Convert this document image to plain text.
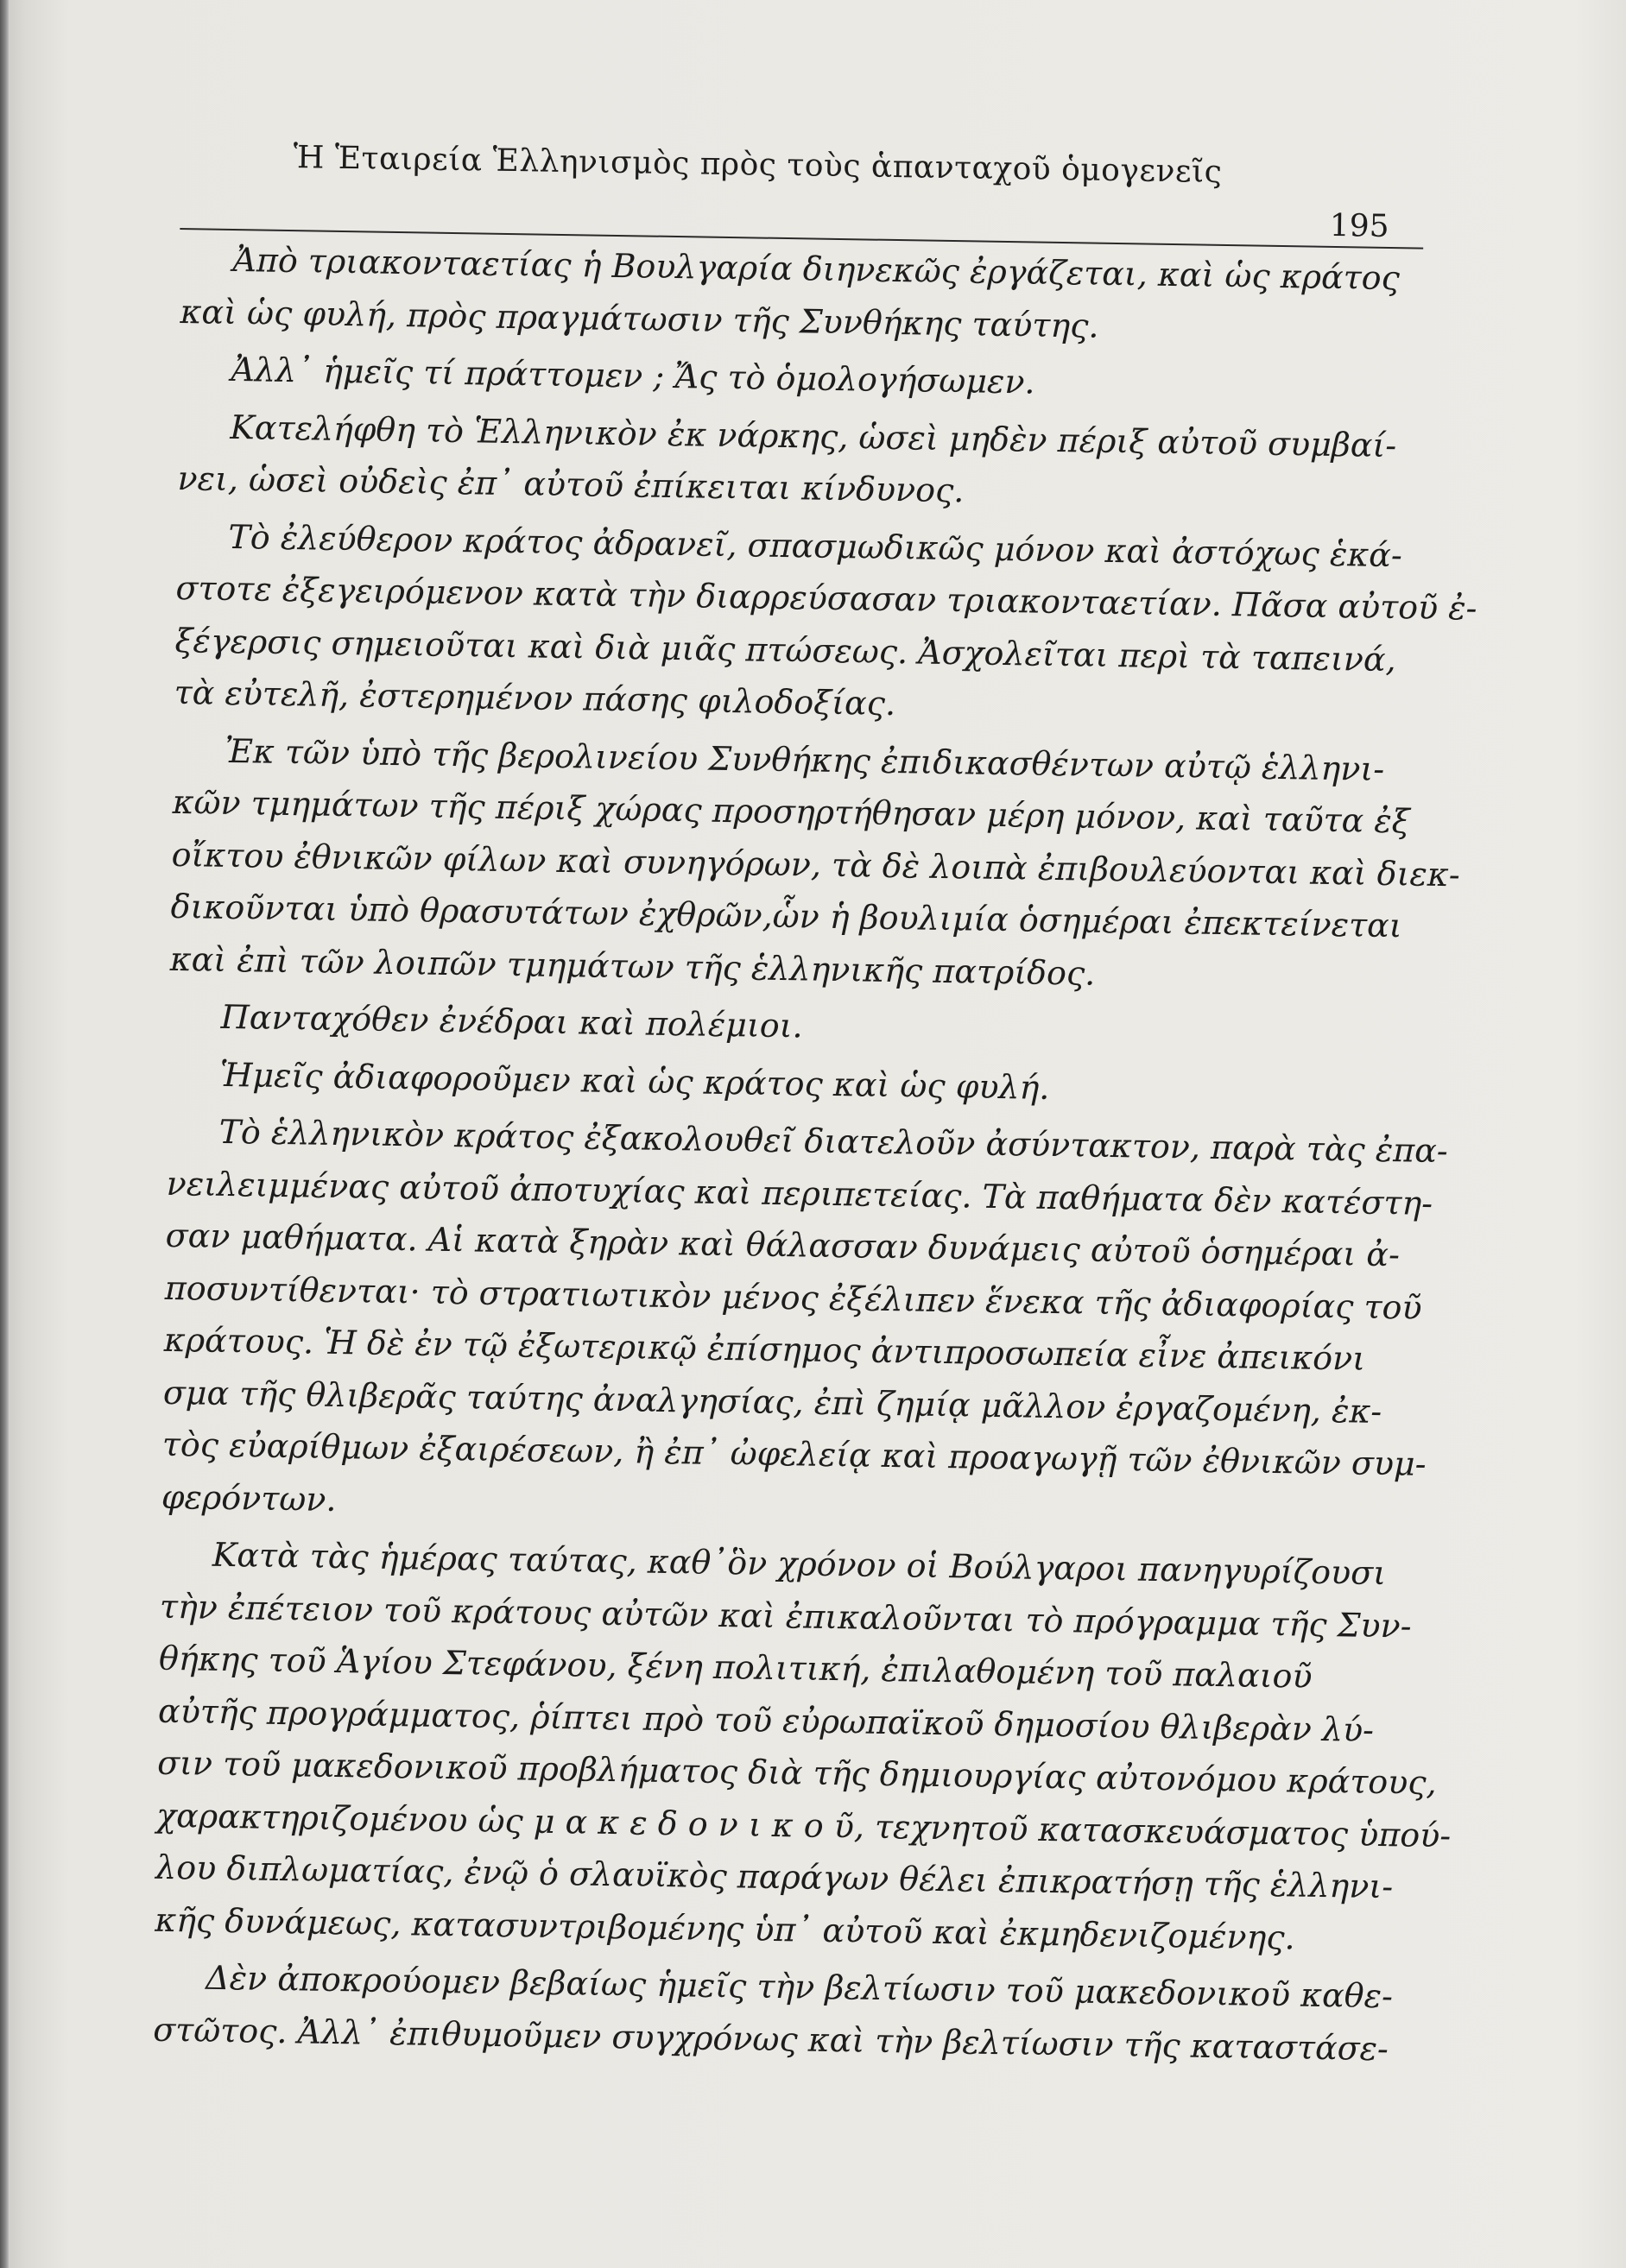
Ἡ Ἑταιρεία Ἑλληνισμὸς πρὸς τοὺς ἁπανταχοῦ ὁμογενεῖς
195
Ἀπὸ τριακονταετίας ἡ Βουλγαρία διηνεκῶς ἐργάζεται, καὶ ὡς κράτος
καὶ ὡς φυλή, πρὸς πραγμάτωσιν τῆς Συνθήκης ταύτης.
Ἀλλ᾿ ἡμεῖς τί πράττομεν ; Ἄς τὸ ὁμολογήσωμεν.
Κατελήφθη τὸ Ἑλληνικὸν ἐκ νάρκης, ὡσεὶ μηδὲν πέριξ αὐτοῦ συμβαί-
νει, ὡσεὶ οὐδεὶς ἐπ᾿ αὐτοῦ ἐπίκειται κίνδυνος.
Τὸ ἐλεύθερον κράτος ἀδρανεῖ, σπασμωδικῶς μόνον καὶ ἀστόχως ἑκά-
στοτε ἐξεγειρόμενον κατὰ τὴν διαρρεύσασαν τριακονταετίαν. Πᾶσα αὐτοῦ ἐ-
ξέγερσις σημειοῦται καὶ διὰ μιᾶς πτώσεως. Ἀσχολεῖται περὶ τὰ ταπεινά,
τὰ εὐτελῆ, ἐστερημένον πάσης φιλοδοξίας.
Ἐκ τῶν ὑπὸ τῆς βερολινείου Συνθήκης ἐπιδικασθέντων αὐτῷ ἑλληνι-
κῶν τμημάτων τῆς πέριξ χώρας προσηρτήθησαν μέρη μόνον, καὶ ταῦτα ἐξ
οἴκτου ἐθνικῶν φίλων καὶ συνηγόρων, τὰ δὲ λοιπὰ ἐπιβουλεύονται καὶ διεκ-
δικοῦνται ὑπὸ θρασυτάτων ἐχθρῶν,ὧν ἡ βουλιμία ὁσημέραι ἐπεκτείνεται
καὶ ἐπὶ τῶν λοιπῶν τμημάτων τῆς ἑλληνικῆς πατρίδος.
Πανταχόθεν ἐνέδραι καὶ πολέμιοι.
Ἡμεῖς ἀδιαφοροῦμεν καὶ ὡς κράτος καὶ ὡς φυλή.
Τὸ ἑλληνικὸν κράτος ἐξακολουθεῖ διατελοῦν ἀσύντακτον, παρὰ τὰς ἐπα-
νειλειμμένας αὐτοῦ ἀποτυχίας καὶ περιπετείας. Τὰ παθήματα δὲν κατέστη-
σαν μαθήματα. Αἱ κατὰ ξηρὰν καὶ θάλασσαν δυνάμεις αὐτοῦ ὁσημέραι ἀ-
ποσυντίθενται· τὸ στρατιωτικὸν μένος ἐξέλιπεν ἕνεκα τῆς ἀδιαφορίας τοῦ
κράτους. Ἡ δὲ ἐν τῷ ἐξωτερικῷ ἐπίσημος ἀντιπροσωπεία εἶνε ἀπεικόνι
σμα τῆς θλιβερᾶς ταύτης ἀναλγησίας, ἐπὶ ζημίᾳ μᾶλλον ἐργαζομένη, ἐκ-
τὸς εὐαρίθμων ἐξαιρέσεων, ἢ ἐπ᾿ ὠφελείᾳ καὶ προαγωγῇ τῶν ἐθνικῶν συμ-
φερόντων.
Κατὰ τὰς ἡμέρας ταύτας, καθ᾿ὃν χρόνον οἱ Βούλγαροι πανηγυρίζουσι
τὴν ἐπέτειον τοῦ κράτους αὐτῶν καὶ ἐπικαλοῦνται τὸ πρόγραμμα τῆς Συν-
θήκης τοῦ Ἁγίου Στεφάνου, ξένη πολιτική, ἐπιλαθομένη τοῦ παλαιοῦ
αὐτῆς προγράμματος, ῥίπτει πρὸ τοῦ εὐρωπαϊκοῦ δημοσίου θλιβερὰν λύ-
σιν τοῦ μακεδονικοῦ προβλήματος διὰ τῆς δημιουργίας αὐτονόμου κράτους,
χαρακτηριζομένου ὡς μ α κ ε δ ο ν ι κ ο ῦ, τεχνητοῦ κατασκευάσματος ὑπού-
λου διπλωματίας, ἐνῷ ὁ σλαυϊκὸς παράγων θέλει ἐπικρατήσῃ τῆς ἑλληνι-
κῆς δυνάμεως, κατασυντριβομένης ὑπ᾿ αὐτοῦ καὶ ἐκμηδενιζομένης.
Δὲν ἀποκρούομεν βεβαίως ἡμεῖς τὴν βελτίωσιν τοῦ μακεδονικοῦ καθε-
στῶτος. Ἀλλ᾿ ἐπιθυμοῦμεν συγχρόνως καὶ τὴν βελτίωσιν τῆς καταστάσε-
